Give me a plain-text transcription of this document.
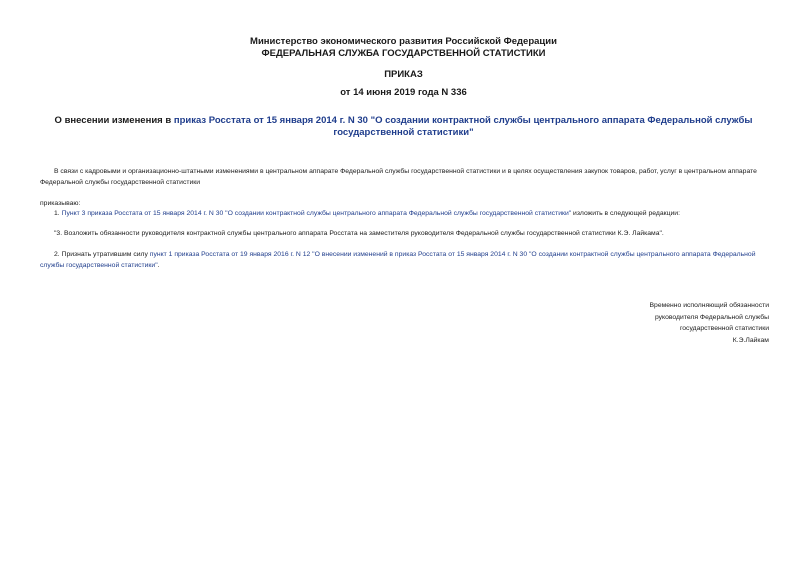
Министерство экономического развития Российской Федерации
ФЕДЕРАЛЬНАЯ СЛУЖБА ГОСУДАРСТВЕННОЙ СТАТИСТИКИ
ПРИКАЗ
от 14 июня 2019 года N 336
О внесении изменения в приказ Росстата от 15 января 2014 г. N 30 "О создании контрактной службы центрального аппарата Федеральной службы государственной статистики"
В связи с кадровыми и организационно-штатными изменениями в центральном аппарате Федеральной службы государственной статистики и в целях осуществления закупок товаров, работ, услуг в центральном аппарате Федеральной службы государственной статистики
приказываю:
1. Пункт 3 приказа Росстата от 15 января 2014 г. N 30 "О создании контрактной службы центрального аппарата Федеральной службы государственной статистики" изложить в следующей редакции:
"3. Возложить обязанности руководителя контрактной службы центрального аппарата Росстата на заместителя руководителя Федеральной службы государственной статистики К.Э. Лайкама".
2. Признать утратившим силу пункт 1 приказа Росстата от 19 января 2016 г. N 12 "О внесении изменений в приказ Росстата от 15 января 2014 г. N 30 "О создании контрактной службы центрального аппарата Федеральной службы государственной статистики".
Временно исполняющий обязанности
руководителя Федеральной службы
государственной статистики
К.Э.Лайкам
